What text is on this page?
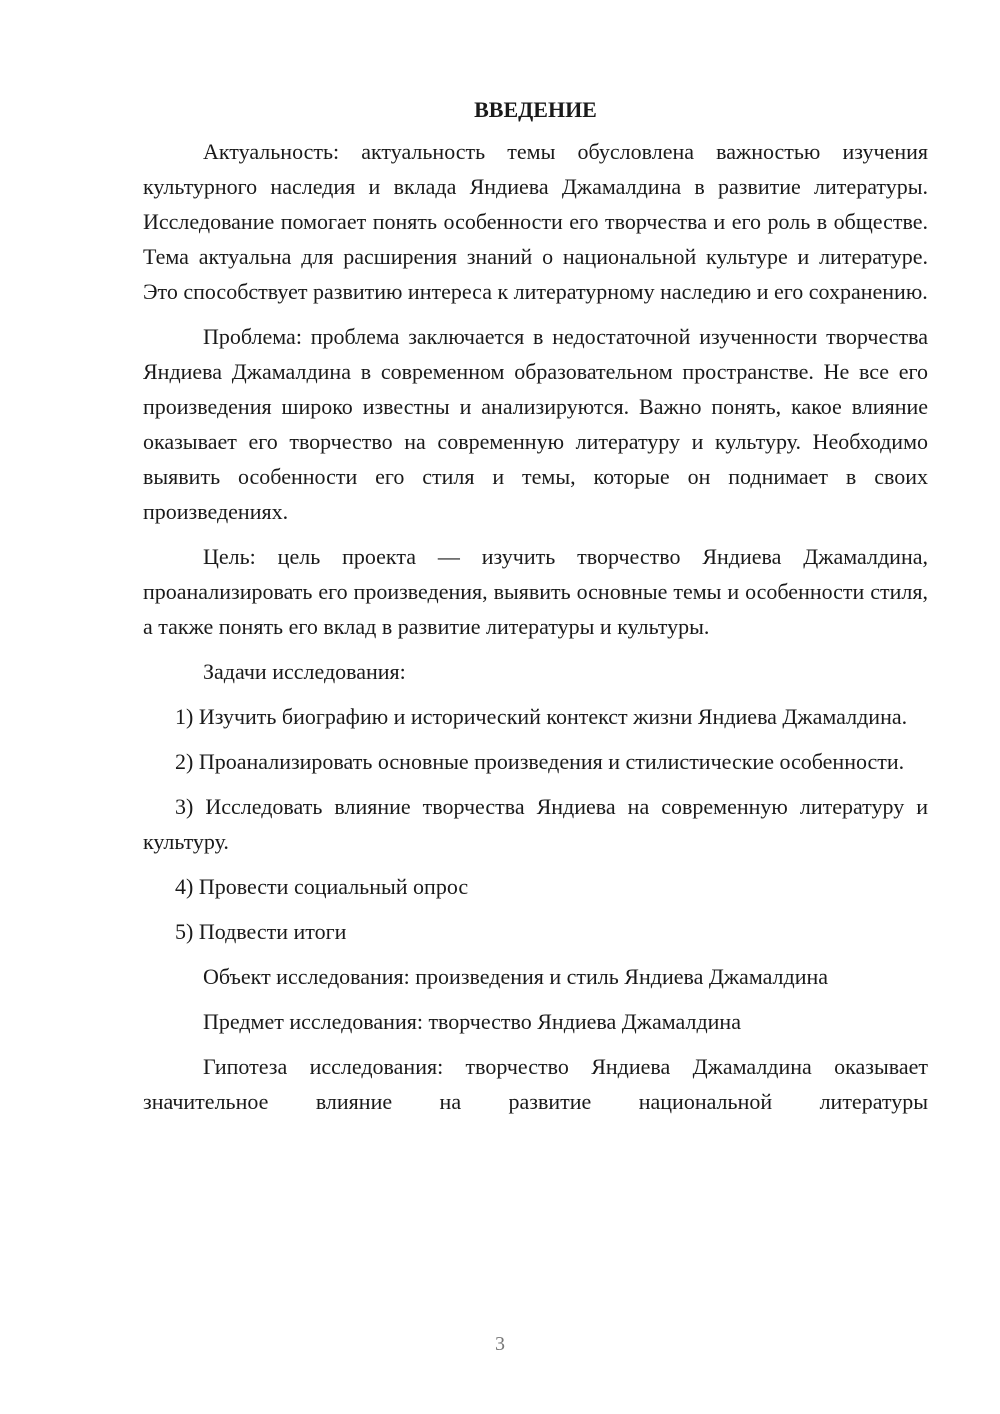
ВВЕДЕНИЕ

Актуальность: актуальность темы обусловлена важностью изучения культурного наследия и вклада Яндиева Джамалдина в развитие литературы. Исследование помогает понять особенности его творчества и его роль в обществе. Тема актуальна для расширения знаний о национальной культуре и литературе. Это способствует развитию интереса к литературному наследию и его сохранению.

Проблема: проблема заключается в недостаточной изученности творчества Яндиева Джамалдина в современном образовательном пространстве. Не все его произведения широко известны и анализируются. Важно понять, какое влияние оказывает его творчество на современную литературу и культуру. Необходимо выявить особенности его стиля и темы, которые он поднимает в своих произведениях.

Цель: цель проекта — изучить творчество Яндиева Джамалдина, проанализировать его произведения, выявить основные темы и особенности стиля, а также понять его вклад в развитие литературы и культуры.

Задачи исследования:

1) Изучить биографию и исторический контекст жизни Яндиева Джамалдина.

2) Проанализировать основные произведения и стилистические особенности.

3) Исследовать влияние творчества Яндиева на современную литературу и культуру.

4) Провести социальный опрос

5) Подвести итоги

Объект исследования: произведения и стиль Яндиева Джамалдина

Предмет исследования: творчество Яндиева Джамалдина

Гипотеза исследования: творчество Яндиева Джамалдина оказывает значительное влияние на развитие национальной литературы

3
